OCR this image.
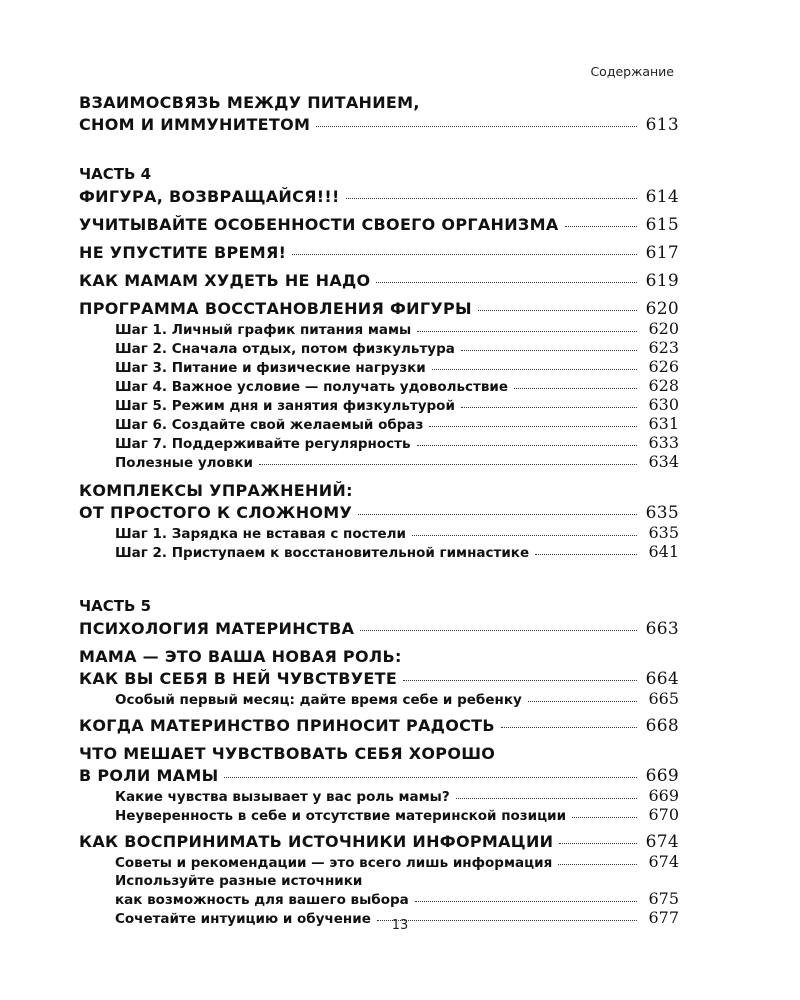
Содержание
ВЗАИМОСВЯЗЬ МЕЖДУ ПИТАНИЕМ,
СНОМ И ИММУНИТЕТОМ	613
ЧАСТЬ 4
ФИГУРА, ВОЗВРАЩАЙСЯ!!!	614
УЧИТЫВАЙТЕ ОСОБЕННОСТИ СВОЕГО ОРГАНИЗМА	615
НЕ УПУСТИТЕ ВРЕМЯ!	617
КАК МАМАМ ХУДЕТЬ НЕ НАДО	619
ПРОГРАММА ВОССТАНОВЛЕНИЯ ФИГУРЫ	620
Шаг 1. Личный график питания мамы	620
Шаг 2. Сначала отдых, потом физкультура	623
Шаг 3. Питание и физические нагрузки	626
Шаг 4. Важное условие — получать удовольствие	628
Шаг 5. Режим дня и занятия физкультурой	630
Шаг 6. Создайте свой желаемый образ	631
Шаг 7. Поддерживайте регулярность	633
Полезные уловки	634
КОМПЛЕКСЫ УПРАЖНЕНИЙ:
ОТ ПРОСТОГО К СЛОЖНОМУ	635
Шаг 1. Зарядка не вставая с постели	635
Шаг 2. Приступаем к восстановительной гимнастике	641
ЧАСТЬ 5
ПСИХОЛОГИЯ МАТЕРИНСТВА	663
МАМА — ЭТО ВАША НОВАЯ РОЛЬ:
КАК ВЫ СЕБЯ В НЕЙ ЧУВСТВУЕТЕ	664
Особый первый месяц: дайте время себе и ребенку	665
КОГДА МАТЕРИНСТВО ПРИНОСИТ РАДОСТЬ	668
ЧТО МЕШАЕТ ЧУВСТВОВАТЬ СЕБЯ ХОРОШО
В РОЛИ МАМЫ	669
Какие чувства вызывает у вас роль мамы?	669
Неуверенность в себе и отсутствие материнской позиции	670
КАК ВОСПРИНИМАТЬ ИСТОЧНИКИ ИНФОРМАЦИИ	674
Советы и рекомендации — это всего лишь информация	674
Используйте разные источники
как возможность для вашего выбора	675
Сочетайте интуицию и обучение	677
13
